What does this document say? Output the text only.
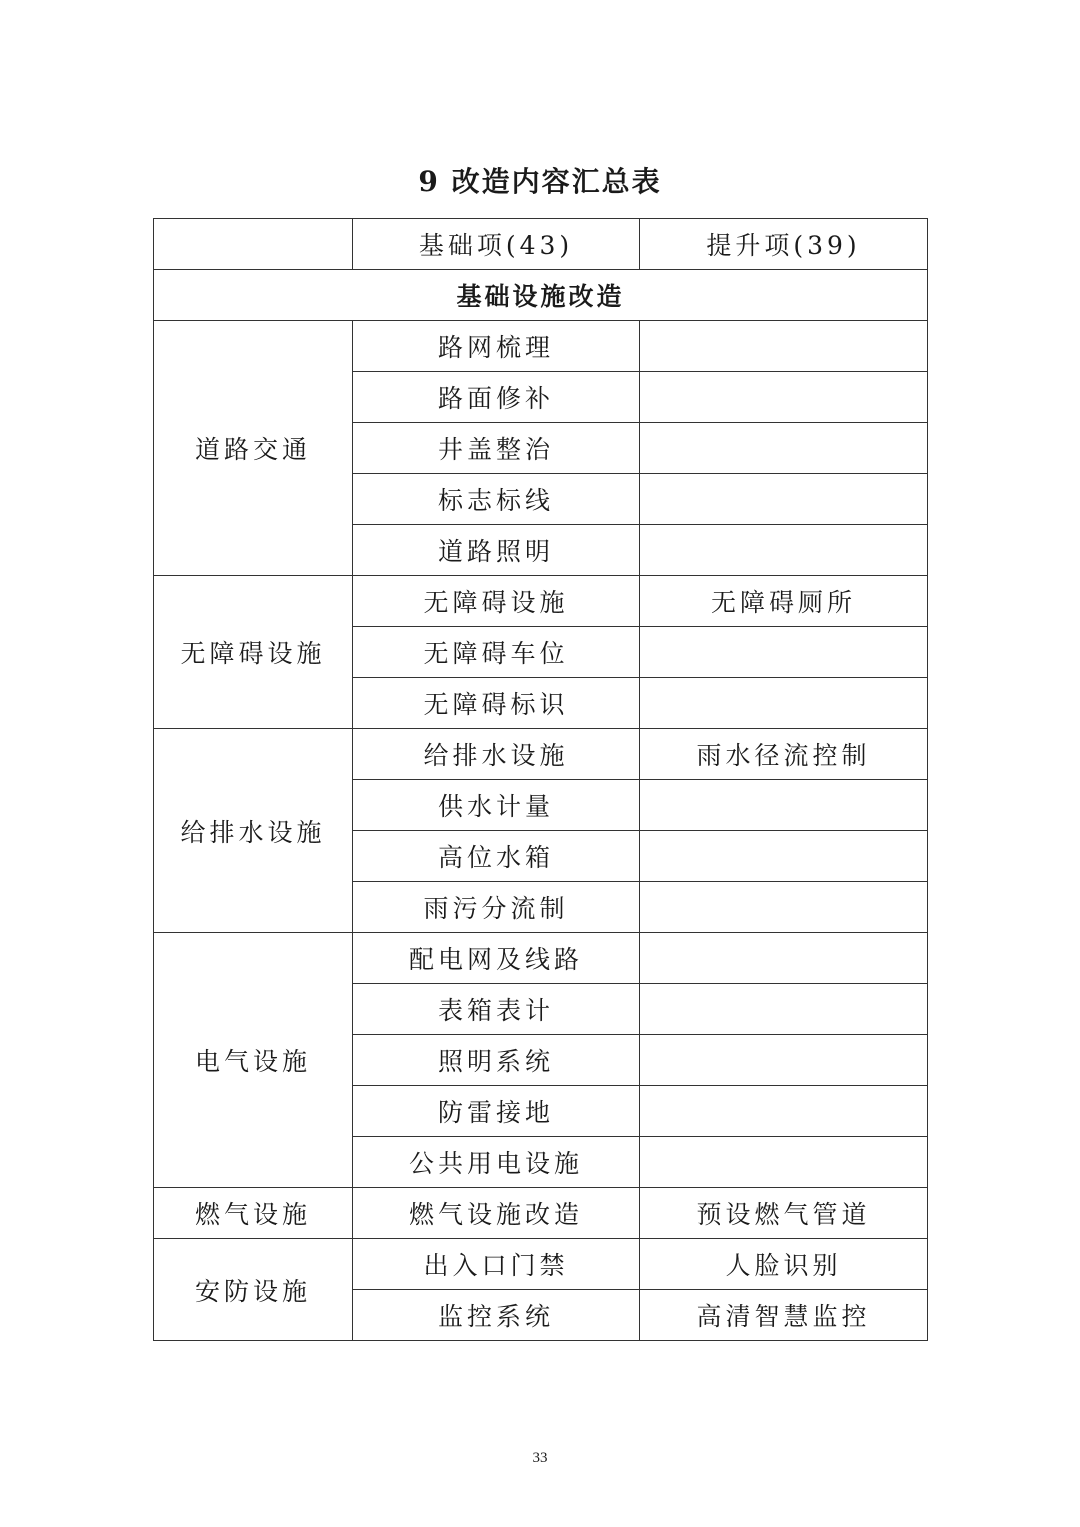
9 改造内容汇总表
	基础项(43)	提升项(39)
基础设施改造		
道路交通	路网梳理	
	路面修补	
	井盖整治	
	标志标线	
	道路照明	
无障碍设施	无障碍设施	无障碍厕所
	无障碍车位	
	无障碍标识	
给排水设施	给排水设施	雨水径流控制
	供水计量	
	高位水箱	
	雨污分流制	
电气设施	配电网及线路	
	表箱表计	
	照明系统	
	防雷接地	
	公共用电设施	
燃气设施	燃气设施改造	预设燃气管道
安防设施	出入口门禁	人脸识别
	监控系统	高清智慧监控
33
